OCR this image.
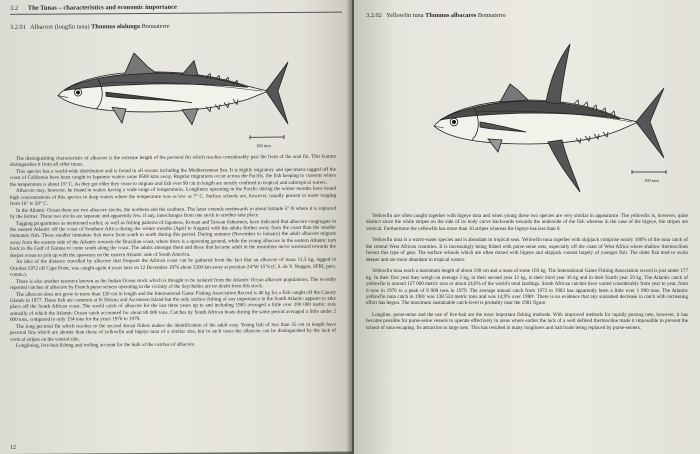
3.2 The Tunas – characteristics and economic importance
3.2.01 Albacore (longfin tuna) Thunnus alalunga Bonnaterre
100 mm

The distinguishing characteristic of albacore is the extreme length of the pectoral fin which reaches considerably past the front of the anal fin. This feature distinguishes it from all other tunas.

This species has a world-wide distribution and is found in all oceans including the Mediterranean Sea. It is highly migratory and specimens tagged off the coast of California have been caught in Japanese waters some 8500 kms away. Regular migrations occur across the Pacific, the fish keeping to currents where the temperature is about 15° C. As they get older they cease to migrate and fish over 90 cm in length are mostly confined to tropical and subtropical waters.

Albacore may, however, be found in waters having a wide range of temperatures. Longliners operating in the Pacific during the winter months have found high concentrations of this species in deep waters where the temperature was as low as 7° C. Surface schools are, however, usually present in water ranging from 16° to 20° C.

In the Atlantic Ocean there are two albacore stocks, the northern and the southern. The latter extends northwards to about latitude 5° N where it is replaced by the former. These two stocks are separate and apparently few, if any, interchanges from one stock to another take place.

Tagging programmes as mentioned earlier, as well as fishing patterns of Japanese, Korean and Taiwan fishermen, have indicated that albacore congregate in the eastern Atlantic off the coast of Southern Africa during the winter months (April to August) with the adults further away from the coast than the smaller immature fish. These smaller immature fish move from south to north during this period. During summer (November to January) the adult albacore migrate away from the eastern side of the Atlantic towards the Brazilian coast, where there is a spawning ground, while the young albacore in the eastern Atlantic turn back to the Gulf of Guinea to come south along the coast. The adults amongst them and those that became adult in the meantime move westward towards the deeper ocean to join up with the spawners on the eastern Atlantic side of South America.

An idea of the distance travelled by albacore that frequent the African coast can be gathered from the fact that an albacore of mass 11,5 kg, tagged in October 1972 off Cape Point, was caught again 4 years later on 12 December 1976 about 3200 km away at position 24°W 15°S (C.S. de V. Nepgen, SFRI, pers. comm.).

There is also another resource known as the Indian Ocean stock which is thought to be isolated from the Atlantic Ocean albacore populations. The recently reported catches of albacore by French purse-seiners operating in the vicinity of the Seychelles are no doubt from this stock.

The albacore does not grow to more than 120 cm in length and the International Game Fishing Association Record is 40 kg for a fish caught off the Canary Islands in 1977. These fish are common at St Helena and Ascension Island but the only surface fishing of any importance in the South Atlantic appears to take place off the South African coast. The world catch of albacore for the last three years up to and including 1985 averaged a little over 200 000 metric tons annually of which the Atlantic Ocean catch accounted for about 80 000 tons. Catches by South African boats during the same period averaged a little under 2 000 tons, compared to only 154 tons for the years 1976 to 1979.

The long pectoral fin which reaches to the second dorsal finlets makes the identification of the adult easy. Young fish of less than 35 cm in length have pectoral fins which are shorter than those of yellowfin and bigeye tuna of a similar size, but in such cases the albacore can be distinguished by the lack of vertical stripes on the ventral side.

Longlining, live-bait fishing and trolling account for the bulk of the catches of albacore.

12
3.2.02 Yellowfin tuna Thunnus albacares Bonnaterre
100 mm

Yellowfin are often caught together with bigeye tuna and when young these two species are very similar in appearance. The yellowfin is, however, quite distinct since the white stripes on the side of its body curve backwards towards the underside of the fish whereas in the case of the bigeye, the stripes are vertical. Furthermore the yellowfin has more than 10 stripes whereas the bigeye has less than 8.

Yellowfin tuna is a warm-water species and is abundant in tropical seas. Yellowfin tuna together with skipjack comprise nearly 100% of the tuna catch of the central West African countries. It is increasingly being fished with purse-seine nets, especially off the coast of West Africa where shallow thermoclines favour this type of gear. The surface schools which are often mixed with bigeye and skipjack consist largely of younger fish. The older fish tend to swim deeper and are more abundant in tropical waters.

Yellowfin tuna reach a maximum length of about 190 cm and a mass of some 160 kg. The International Game Fishing Association record is just under 177 kg. In their first year they weigh on average 3 kg, in their second year 12 kg, in their third year 36 kg and in their fourth year 59 kg. The Atlantic catch of yellowfin is around 127 000 metric tons or about 24,6% of the world's total landings. South African catches have varied considerably from year to year, from 6 tons in 1976 to a peak of 8 908 tons in 1979. The average annual catch from 1973 to 1983 has apparently been a little over 1 000 tons. The Atlantic yellowfin tuna catch in 1981 was 138 524 metric tons and was 14,9% over 1980ᵃ. There is no evidence that any sustained decrease in catch with increasing effort has begun. The maximum sustainable catch-level is probably near the 1981 figure.

Longline, purse-seine and the use of live-bait are the most important fishing methods. With improved methods for rapidly pursing nets, however, it has become possible for purse-seine vessels to operate effectively in areas where earlier the lack of a well defined thermocline made it impossible to prevent the school of tuna escaping. Its attraction to large nets. This has resulted in many longliners and bait boats being replaced by purse-seiners.
